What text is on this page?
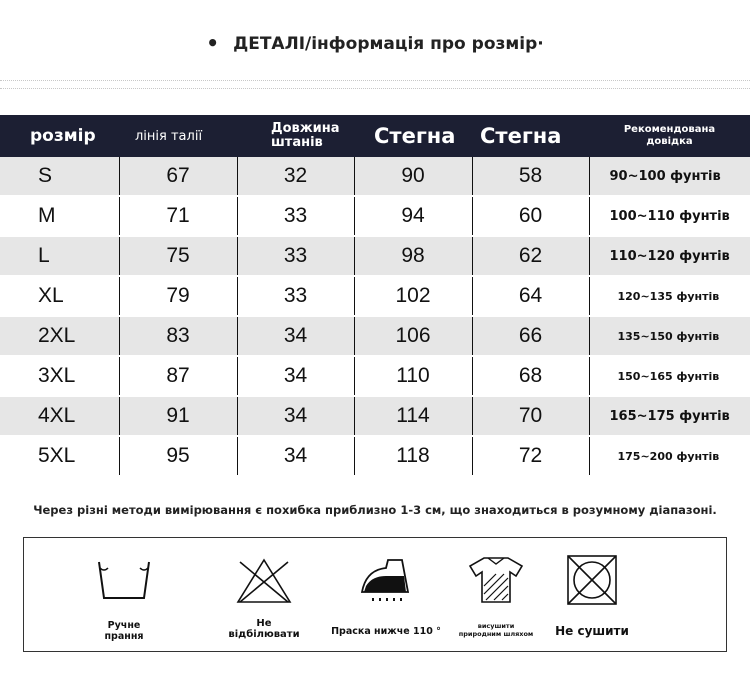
• ДЕТАЛІ/інформація про розмір·
розмір	лінія талії	Довжина штанів	Стегна	Стегна	Рекомендована довідка

S	67	32	90	58	90~100 фунтів
M	71	33	94	60	100~110 фунтів
L	75	33	98	62	110~120 фунтів
XL	79	33	102	64	120~135 фунтів
2XL	83	34	106	66	135~150 фунтів
3XL	87	34	110	68	150~165 фунтів
4XL	91	34	114	70	165~175 фунтів
5XL	95	34	118	72	175~200 фунтів
Через різні методи вимірювання є похибка приблизно 1-3 см, що знаходиться в розумному діапазоні.
Ручне прання
Не відбілювати	Праска нижче 110 °	висушити природним шляхом	Не сушити
